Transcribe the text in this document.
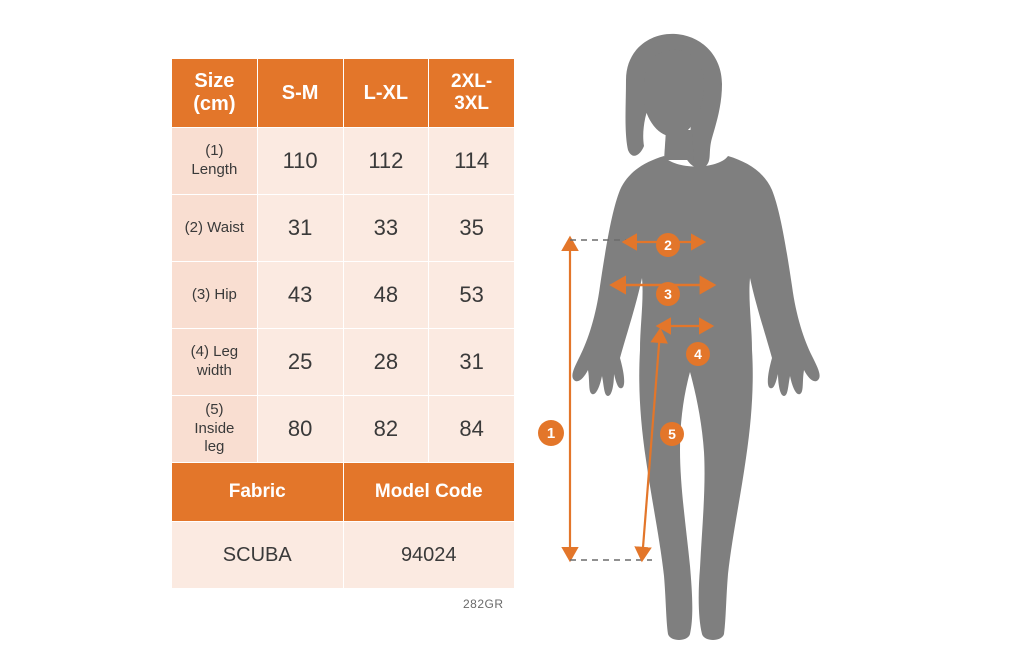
Size
(cm)
	S-M	L-XL	2XL-
3XL

(1)
Length	110	112	114

(2) Waist	31	33	35

(3) Hip	43	48	53

(4) Leg
width	25	28	31

(5)
Inside
leg	80	82	84
Fabric		Model Code	
SCUBA		94024	
282GR
1
2
3
4
5
